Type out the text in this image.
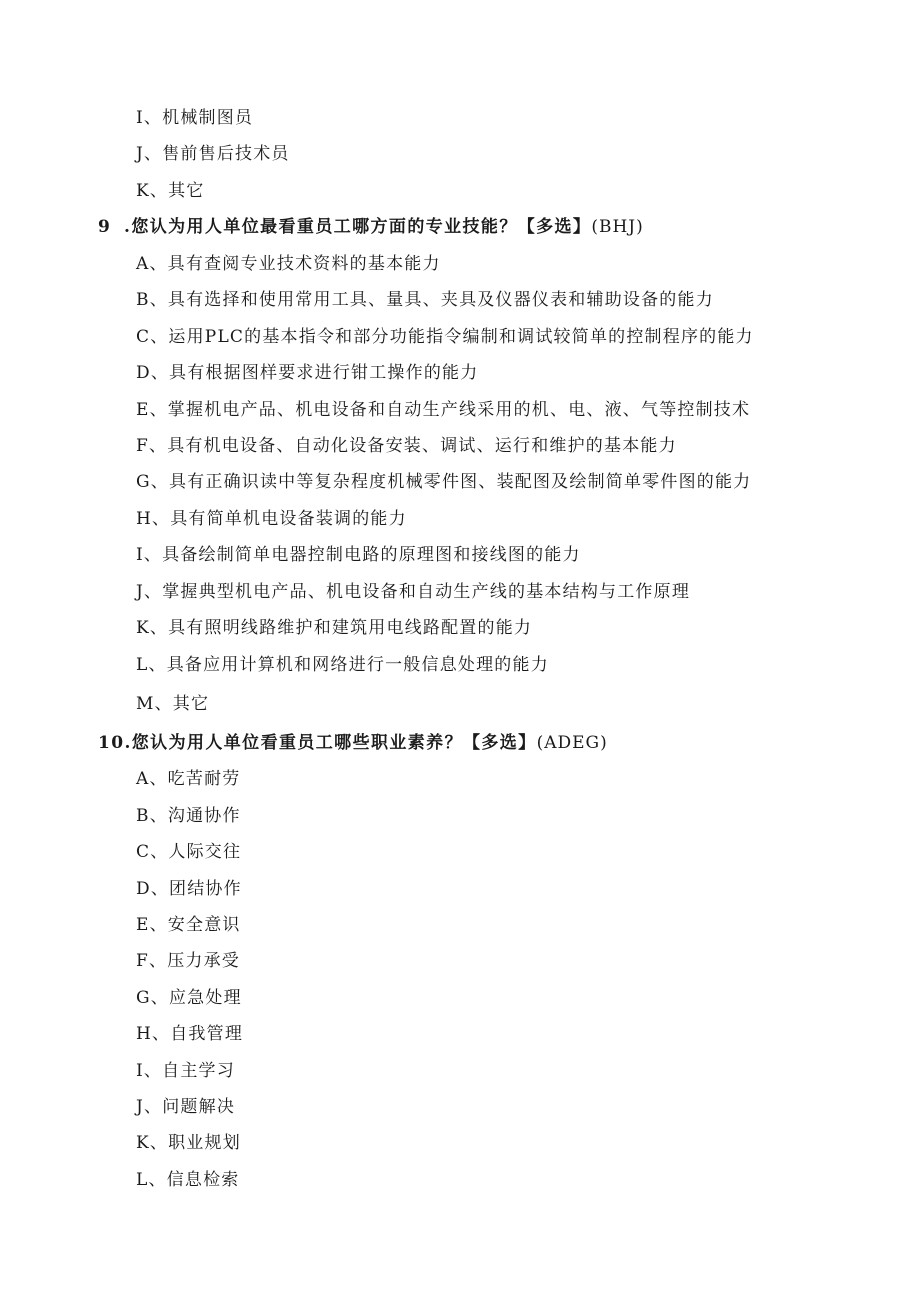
I、机械制图员
J、售前售后技术员
K、其它
9 .您认为用人单位最看重员工哪方面的专业技能？【多选】(BHJ)
A、具有查阅专业技术资料的基本能力
B、具有选择和使用常用工具、量具、夹具及仪器仪表和辅助设备的能力
C、运用PLC的基本指令和部分功能指令编制和调试较简单的控制程序的能力
D、具有根据图样要求进行钳工操作的能力
E、掌握机电产品、机电设备和自动生产线采用的机、电、液、气等控制技术
F、具有机电设备、自动化设备安装、调试、运行和维护的基本能力
G、具有正确识读中等复杂程度机械零件图、装配图及绘制简单零件图的能力
H、具有简单机电设备装调的能力
I、具备绘制简单电器控制电路的原理图和接线图的能力
J、掌握典型机电产品、机电设备和自动生产线的基本结构与工作原理
K、具有照明线路维护和建筑用电线路配置的能力
L、具备应用计算机和网络进行一般信息处理的能力
M、其它
10.您认为用人单位看重员工哪些职业素养？【多选】(ADEG)
A、吃苦耐劳
B、沟通协作
C、人际交往
D、团结协作
E、安全意识
F、压力承受
G、应急处理
H、自我管理
I、自主学习
J、问题解决
K、职业规划
L、信息检索
